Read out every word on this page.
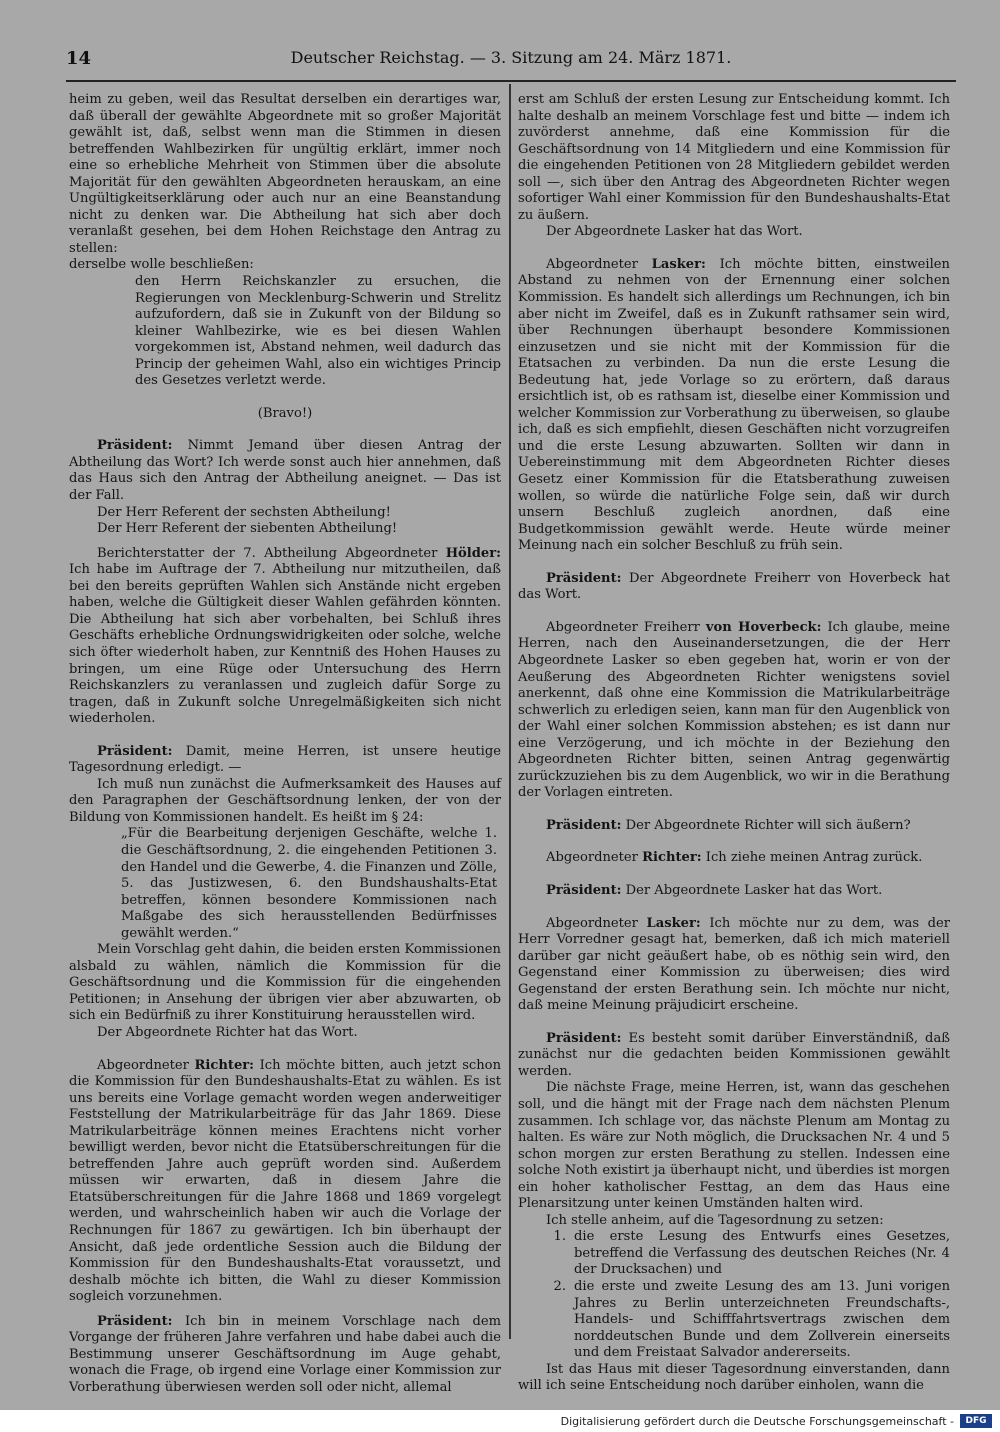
14	Deutscher Reichstag. — 3. Sitzung am 24. März 1871.

heim zu geben, weil das Resultat derselben ein derartiges war, daß überall der gewählte Abgeordnete mit so großer Majorität gewählt ist, daß, selbst wenn man die Stimmen in diesen betreffenden Wahlbezirken für ungültig erklärt, immer noch eine so erhebliche Mehrheit von Stimmen über die absolute Majorität für den gewählten Abgeordneten herauskam, an eine Ungültigkeitserklärung oder auch nur an eine Beanstandung nicht zu denken war. Die Abtheilung hat sich aber doch veranlaßt gesehen, bei dem Hohen Reichstage den Antrag zu stellen:

derselbe wolle beschließen:

den Herrn Reichskanzler zu ersuchen, die Regierungen von Mecklenburg-Schwerin und Strelitz aufzufordern, daß sie in Zukunft von der Bildung so kleiner Wahlbezirke, wie es bei diesen Wahlen vorgekommen ist, Abstand nehmen, weil dadurch das Princip der geheimen Wahl, also ein wichtiges Princip des Gesetzes verletzt werde.

(Bravo!)

Präsident: Nimmt Jemand über diesen Antrag der Abtheilung das Wort? Ich werde sonst auch hier annehmen, daß das Haus sich den Antrag der Abtheilung aneignet. — Das ist der Fall.

Der Herr Referent der sechsten Abtheilung!

Der Herr Referent der siebenten Abtheilung!

Berichterstatter der 7. Abtheilung Abgeordneter Hölder: Ich habe im Auftrage der 7. Abtheilung nur mitzutheilen, daß bei den bereits geprüften Wahlen sich Anstände nicht ergeben haben, welche die Gültigkeit dieser Wahlen gefährden könnten. Die Abtheilung hat sich aber vorbehalten, bei Schluß ihres Geschäfts erhebliche Ordnungswidrigkeiten oder solche, welche sich öfter wiederholt haben, zur Kenntniß des Hohen Hauses zu bringen, um eine Rüge oder Untersuchung des Herrn Reichskanzlers zu veranlassen und zugleich dafür Sorge zu tragen, daß in Zukunft solche Unregelmäßigkeiten sich nicht wiederholen.

Präsident: Damit, meine Herren, ist unsere heutige Tagesordnung erledigt. —

Ich muß nun zunächst die Aufmerksamkeit des Hauses auf den Paragraphen der Geschäftsordnung lenken, der von der Bildung von Kommissionen handelt. Es heißt im § 24:

„Für die Bearbeitung derjenigen Geschäfte, welche 1. die Geschäftsordnung, 2. die eingehenden Petitionen 3. den Handel und die Gewerbe, 4. die Finanzen und Zölle, 5. das Justizwesen, 6. den Bundshaushalts-Etat betreffen, können besondere Kommissionen nach Maßgabe des sich herausstellenden Bedürfnisses gewählt werden.“

Mein Vorschlag geht dahin, die beiden ersten Kommissionen alsbald zu wählen, nämlich die Kommission für die Geschäftsordnung und die Kommission für die eingehenden Petitionen; in Ansehung der übrigen vier aber abzuwarten, ob sich ein Bedürfniß zu ihrer Konstituirung herausstellen wird.

Der Abgeordnete Richter hat das Wort.

Abgeordneter Richter: Ich möchte bitten, auch jetzt schon die Kommission für den Bundeshaushalts-Etat zu wählen. Es ist uns bereits eine Vorlage gemacht worden wegen anderweitiger Feststellung der Matrikularbeiträge für das Jahr 1869. Diese Matrikularbeiträge können meines Erachtens nicht vorher bewilligt werden, bevor nicht die Etatsüberschreitungen für die betreffenden Jahre auch geprüft worden sind. Außerdem müssen wir erwarten, daß in diesem Jahre die Etatsüberschreitungen für die Jahre 1868 und 1869 vorgelegt werden, und wahrscheinlich haben wir auch die Vorlage der Rechnungen für 1867 zu gewärtigen. Ich bin überhaupt der Ansicht, daß jede ordentliche Session auch die Bildung der Kommission für den Bundeshaushalts-Etat voraussetzt, und deshalb möchte ich bitten, die Wahl zu dieser Kommission sogleich vorzunehmen.

Präsident: Ich bin in meinem Vorschlage nach dem Vorgange der früheren Jahre verfahren und habe dabei auch die Bestimmung unserer Geschäftsordnung im Auge gehabt, wonach die Frage, ob irgend eine Vorlage einer Kommission zur Vorberathung überwiesen werden soll oder nicht, allemal

erst am Schluß der ersten Lesung zur Entscheidung kommt. Ich halte deshalb an meinem Vorschlage fest und bitte — indem ich zuvörderst annehme, daß eine Kommission für die Geschäftsordnung von 14 Mitgliedern und eine Kommission für die eingehenden Petitionen von 28 Mitgliedern gebildet werden soll —, sich über den Antrag des Abgeordneten Richter wegen sofortiger Wahl einer Kommission für den Bundeshaushalts-Etat zu äußern.

Der Abgeordnete Lasker hat das Wort.

Abgeordneter Lasker: Ich möchte bitten, einstweilen Abstand zu nehmen von der Ernennung einer solchen Kommission. Es handelt sich allerdings um Rechnungen, ich bin aber nicht im Zweifel, daß es in Zukunft rathsamer sein wird, über Rechnungen überhaupt besondere Kommissionen einzusetzen und sie nicht mit der Kommission für die Etatsachen zu verbinden. Da nun die erste Lesung die Bedeutung hat, jede Vorlage so zu erörtern, daß daraus ersichtlich ist, ob es rathsam ist, dieselbe einer Kommission und welcher Kommission zur Vorberathung zu überweisen, so glaube ich, daß es sich empfiehlt, diesen Geschäften nicht vorzugreifen und die erste Lesung abzuwarten. Sollten wir dann in Uebereinstimmung mit dem Abgeordneten Richter dieses Gesetz einer Kommission für die Etatsberathung zuweisen wollen, so würde die natürliche Folge sein, daß wir durch unsern Beschluß zugleich anordnen, daß eine Budgetkommission gewählt werde. Heute würde meiner Meinung nach ein solcher Beschluß zu früh sein.

Präsident: Der Abgeordnete Freiherr von Hoverbeck hat das Wort.

Abgeordneter Freiherr von Hoverbeck: Ich glaube, meine Herren, nach den Auseinandersetzungen, die der Herr Abgeordnete Lasker so eben gegeben hat, worin er von der Aeußerung des Abgeordneten Richter wenigstens soviel anerkennt, daß ohne eine Kommission die Matrikularbeiträge schwerlich zu erledigen seien, kann man für den Augenblick von der Wahl einer solchen Kommission abstehen; es ist dann nur eine Verzögerung, und ich möchte in der Beziehung den Abgeordneten Richter bitten, seinen Antrag gegenwärtig zurückzuziehen bis zu dem Augenblick, wo wir in die Berathung der Vorlagen eintreten.

Präsident: Der Abgeordnete Richter will sich äußern?

Abgeordneter Richter: Ich ziehe meinen Antrag zurück.

Präsident: Der Abgeordnete Lasker hat das Wort.

Abgeordneter Lasker: Ich möchte nur zu dem, was der Herr Vorredner gesagt hat, bemerken, daß ich mich materiell darüber gar nicht geäußert habe, ob es nöthig sein wird, den Gegenstand einer Kommission zu überweisen; dies wird Gegenstand der ersten Berathung sein. Ich möchte nur nicht, daß meine Meinung präjudicirt erscheine.

Präsident: Es besteht somit darüber Einverständniß, daß zunächst nur die gedachten beiden Kommissionen gewählt werden.

Die nächste Frage, meine Herren, ist, wann das geschehen soll, und die hängt mit der Frage nach dem nächsten Plenum zusammen. Ich schlage vor, das nächste Plenum am Montag zu halten. Es wäre zur Noth möglich, die Drucksachen Nr. 4 und 5 schon morgen zur ersten Berathung zu stellen. Indessen eine solche Noth existirt ja überhaupt nicht, und überdies ist morgen ein hoher katholischer Festtag, an dem das Haus eine Plenarsitzung unter keinen Umständen halten wird.

Ich stelle anheim, auf die Tagesordnung zu setzen:

1. die erste Lesung des Entwurfs eines Gesetzes, betreffend die Verfassung des deutschen Reiches (Nr. 4 der Drucksachen) und
2. die erste und zweite Lesung des am 13. Juni vorigen Jahres zu Berlin unterzeichneten Freundschafts-, Handels- und Schifffahrtsvertrags zwischen dem norddeutschen Bunde und dem Zollverein einerseits und dem Freistaat Salvador andererseits.

Ist das Haus mit dieser Tagesordnung einverstanden, dann will ich seine Entscheidung noch darüber einholen, wann die

Digitalisierung gefördert durch die Deutsche Forschungsgemeinschaft -	DFG
